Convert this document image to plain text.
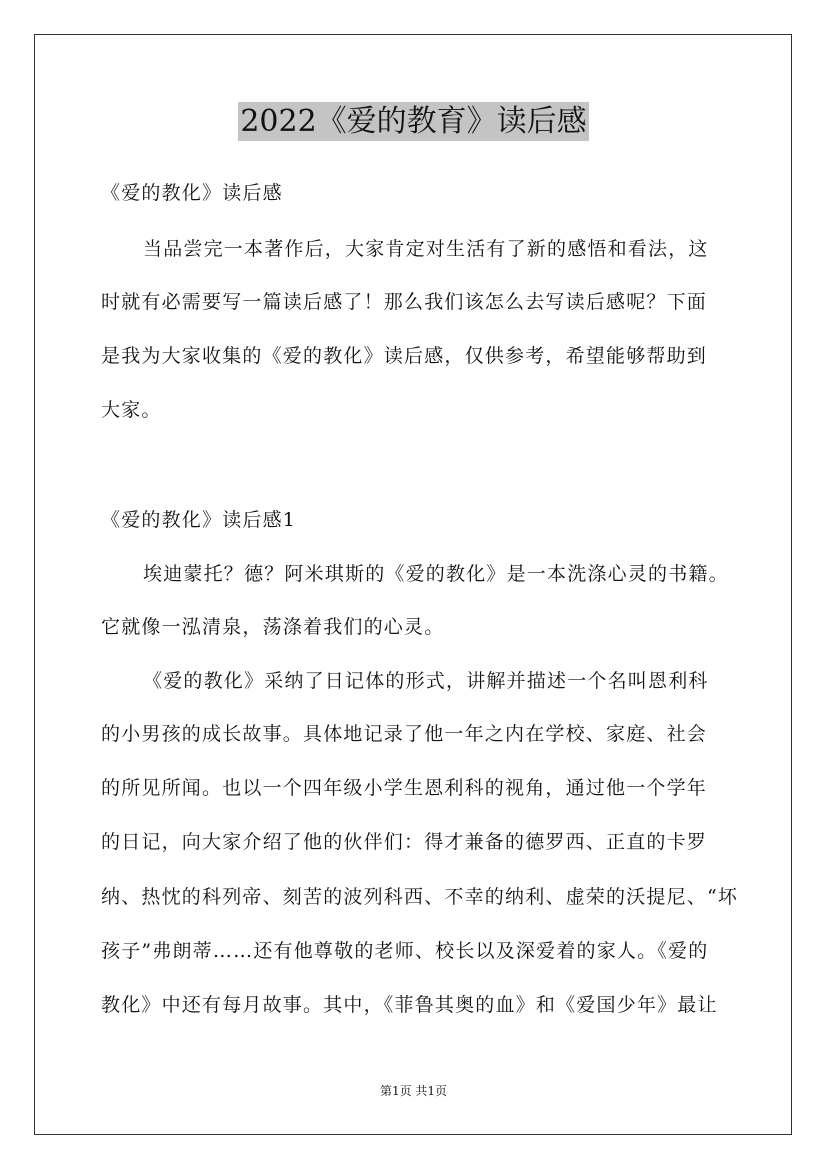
2022《爱的教育》读后感
《爱的教化》读后感
当品尝完一本著作后，大家肯定对生活有了新的感悟和看法，这
时就有必需要写一篇读后感了！那么我们该怎么去写读后感呢？下面
是我为大家收集的《爱的教化》读后感，仅供参考，希望能够帮助到
大家。
《爱的教化》读后感1
埃迪蒙托？德？阿米琪斯的《爱的教化》是一本洗涤心灵的书籍。
它就像一泓清泉，荡涤着我们的心灵。
《爱的教化》采纳了日记体的形式，讲解并描述一个名叫恩利科
的小男孩的成长故事。具体地记录了他一年之内在学校、家庭、社会
的所见所闻。也以一个四年级小学生恩利科的视角，通过他一个学年
的日记，向大家介绍了他的伙伴们：得才兼备的德罗西、正直的卡罗
纳、热忱的科列帝、刻苦的波列科西、不幸的纳利、虚荣的沃提尼、“坏
孩子”弗朗蒂……还有他尊敬的老师、校长以及深爱着的家人。《爱的
教化》中还有每月故事。其中，《菲鲁其奥的血》和《爱国少年》最让
第1页 共1页
